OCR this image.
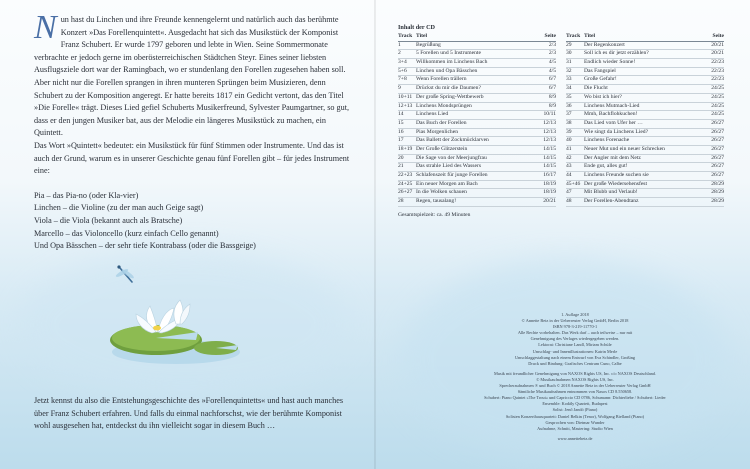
N un hast du Linchen und ihre Freunde kennengelernt und natürlich auch das berühmte Konzert »Das Forellenquintett«. Ausgedacht hat sich das Musikstück der Komponist Franz Schubert. Er wurde 1797 geboren und lebte in Wien. Seine Sommermonate verbrachte er jedoch gerne im oberösterreichischen Städtchen Steyr. Eines seiner liebsten Ausflugsziele dort war der Ramingbach, wo er stundenlang den Forellen zugesehen haben soll. Aber nicht nur die Forellen sprangen in ihren munteren Sprüngen beim Musizieren, denn Schubert zu der Komposition angeregt. Er hatte bereits 1817 ein Gedicht vertont, das den Titel »Die Forelle« trägt. Dieses Lied gefiel Schuberts Musikerfreund, Sylvester Paumgartner, so gut, dass er den jungen Musiker bat, aus der Melodie ein längeres Musikstück zu machen, ein Quintett.

Das Wort »Quintett« bedeutet: ein Musikstück für fünf Stimmen oder Instrumente. Und das ist auch der Grund, warum es in unserer Geschichte genau fünf Forellen gibt – für jedes Instrument eine:

Pia – das Pia-no (oder Kla-vier)

Linchen – die Violine (zu der man auch Geige sagt)

Viola – die Viola (bekannt auch als Bratsche)

Marcello – das Violoncello (kurz einfach Cello genannt)

Und Opa Bässchen – der sehr tiefe Kontrabass (oder die Bassgeige)

Jetzt kennst du also die Entstehungsgeschichte des »Forellenquintetts« und hast auch manches über Franz Schubert erfahren. Und falls du einmal nachforschst, wie der berühmte Komponist wohl ausgesehen hat, entdeckst du ihn vielleicht sogar in diesem Buch …

Inhalt der CD
Track Titel	Seite
1	Begrüßung	2/3
2	5 Forellen und 5 Instrumente	2/3
3+4	Willkommen im Linchens Bach	4/5
5+6	Linchen und Opa Bässchen	4/5
7+8	Wenn Forellen trällern	6/7
9	Drückst du mir die Daumen?	6/7
10+11 Der große Spring-Wettbewerb	8/9
12+13 Linchens Mondsprüngen	8/9
14	Linchens Lied	10/11
15	Das Buch der Forellen	12/13
16	Pias Morgenlichen	12/13
17	Das Ballett der Zockmücklarven	12/13
18+19 Der Große Glitzerstein	14/15
20	Die Sage von der Meerjungfrau	14/15
21	Das strahle Lied des Wassers	14/15
22+23 Schlafenszeit für junge Forellen	16/17
24+25 Ein neuer Morgen am Bach	18/19
26+27 In die Wolken schauen	18/19
28	Regen, tausalang!	20/21
Track Titel	Seite
29	Der Regenkonzert	20/21
30	Soll ich es dir jetzt erzählen?	20/21
31	Endlich wieder Sonne!	22/23
32	Das Fangspiel	22/23
33	Große Gefahr!	22/23
34	Die Flucht	24/25
35	Wo bist ich hier?	24/25
36	Linchens Mutmach-Lied	24/25
37	Mmh, Bachflohkuchen!	24/25
38	Das Lied vom Ufer her …	26/27
39	Wie singt da Linchens Lied?	26/27
40	Linchens Forenache	26/27
41	Neuer Mut und ein neuer Schrecken	26/27
42	Der Angler mit dem Netz	26/27
43	Ende gut, alles gut!	26/27
44	Linchens Freunde suchen sie	26/27
45+46 Der große Wiedersehensfest	28/29
47	Mit Blubb und Verlaub!	28/29
48	Der Forellen-Abendtanz	28/29
Gesamtspielzeit: ca. 49 Minuten
1. Auflage 2018
© Annette Betz in der Ueberreuter Verlag GmbH, Berlin 2018
ISBN 978-3-219-11770-1
Alle Rechte vorbehalten. Das Werk darf – auch teilweise – nur mit
Genehmigung des Verlages wiedergegeben werden.
Lektorat: Christiane Landl, Miriam Schüle
Umschlag- und Innenillustrationen: Katrin Merle
Umschlaggestaltung nach einem Entwurf von Eva Schindler, Großing
Druck und Bindung: Grafisches Centrum Cuno, Calbe
Musik mit freundlicher Genehmigung von NAXOS Rights US, Inc. c/o NAXOS Deutschland.
© Musikaufnahmen NAXOS Rights US, Inc.
Sprecheraufnahmen ℗ und Buch © 2018 Annette Betz in der Ueberreuter Verlag GmbH
Sämtliche Musikaufnahmen entnommen von Naxos CD 8.550658.
Schubert: Piano Quintet »The Trout« und Capriccio CD 0786, Schumann: Dichterliebe / Schubert: Lieder
Ensemble: Kodály Quartett, Budapest
Solist: Jenő Jandó (Piano)
Solisten Konzerthausquartett: Daniel Belkin (Tenor), Wolfgang Bielland (Piano)
Gesprochen von: Dietmar Wunder
Aufnahme, Schnitt, Mastering: Studio Wien
www.annettebetz.de
